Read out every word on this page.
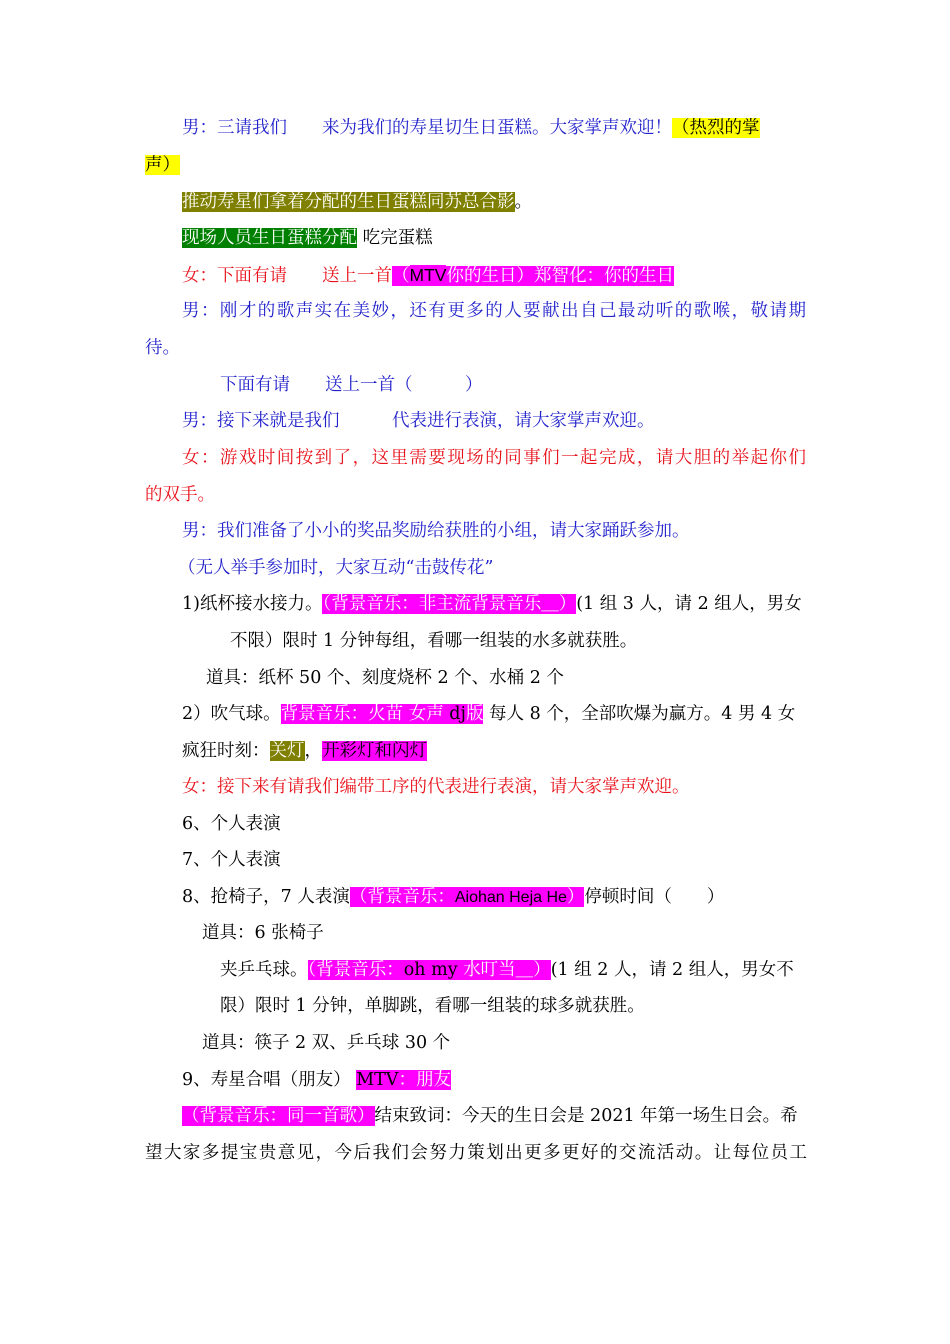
男：三请我们　　来为我们的寿星切生日蛋糕。大家掌声欢迎！（热烈的掌
声）
推动寿星们拿着分配的生日蛋糕同苏总合影。
现场人员生日蛋糕分配 吃完蛋糕
女：下面有请　　送上一首（MTV你的生日）郑智化：你的生日
男：刚才的歌声实在美妙，还有更多的人要献出自己最动听的歌喉，敬请期
待。
下面有请　　送上一首（　　　）
男：接下来就是我们　　　代表进行表演，请大家掌声欢迎。
女：游戏时间按到了，这里需要现场的同事们一起完成，请大胆的举起你们
的双手。
男：我们准备了小小的奖品奖励给获胜的小组，请大家踊跃参加。
（无人举手参加时，大家互动“击鼓传花”
1)纸杯接水接力。（背景音乐：非主流背景音乐＿）(1 组 3 人，请 2 组人，男女
不限）限时 1 分钟每组，看哪一组装的水多就获胜。
道具：纸杯 50 个、刻度烧杯 2 个、水桶 2 个
2）吹气球。背景音乐：火苗 女声 dj版 每人 8 个，全部吹爆为赢方。4 男 4 女
疯狂时刻：关灯，开彩灯和闪灯
女：接下来有请我们编带工序的代表进行表演，请大家掌声欢迎。
6、个人表演
7、个人表演
8、抢椅子，7 人表演（背景音乐：Aiohan Heja He）停顿时间（　　）
道具：6 张椅子
夹乒乓球。（背景音乐：oh my 水叮当＿）(1 组 2 人，请 2 组人，男女不
限）限时 1 分钟，单脚跳，看哪一组装的球多就获胜。
道具：筷子 2 双、乒乓球 30 个
9、寿星合唱（朋友） MTV：朋友
（背景音乐：同一首歌）结束致词：今天的生日会是 2021 年第一场生日会。希
望大家多提宝贵意见，今后我们会努力策划出更多更好的交流活动。让每位员工
